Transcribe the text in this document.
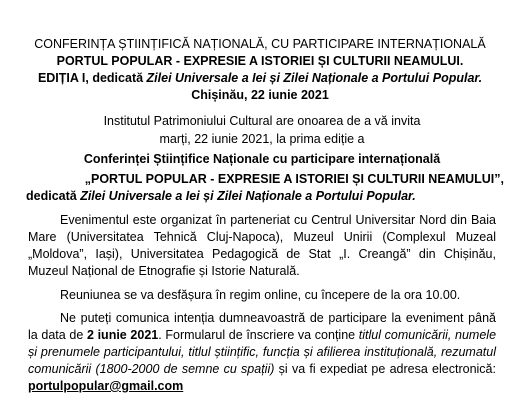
CONFERINȚA ȘTIINȚIFICĂ NAȚIONALĂ, CU PARTICIPARE INTERNAȚIONALĂ
PORTUL POPULAR - EXPRESIE A ISTORIEI ȘI CULTURII NEAMULUI.
EDIȚIA I, dedicată Zilei Universale a Iei și Zilei Naționale a Portului Popular.
Chișinău, 22 iunie 2021
Institutul Patrimoniului Cultural are onoarea de a vă invita
marți, 22 iunie 2021, la prima ediție a
Conferinței Științifice Naționale cu participare internațională
„PORTUL POPULAR - EXPRESIE A ISTORIEI ȘI CULTURII NEAMULUI”,
dedicată Zilei Universale a Iei și Zilei Naționale a Portului Popular.
Evenimentul este organizat în parteneriat cu Centrul Universitar Nord din Baia Mare (Universitatea Tehnică Cluj-Napoca), Muzeul Unirii (Complexul Muzeal „Moldova”, Iași), Universitatea Pedagogică de Stat „I. Creangă” din Chișinău, Muzeul Național de Etnografie și Istorie Naturală.
Reuniunea se va desfășura în regim online, cu începere de la ora 10.00.
Ne puteți comunica intenția dumneavoastră de participare la eveniment până la data de 2 iunie 2021. Formularul de înscriere va conține titlul comunicării, numele și prenumele participantului, titlul științific, funcția și afilierea instituțională, rezumatul comunicării (1800-2000 de semne cu spații) și va fi expediat pe adresa electronică: portulpopular@gmail.com
